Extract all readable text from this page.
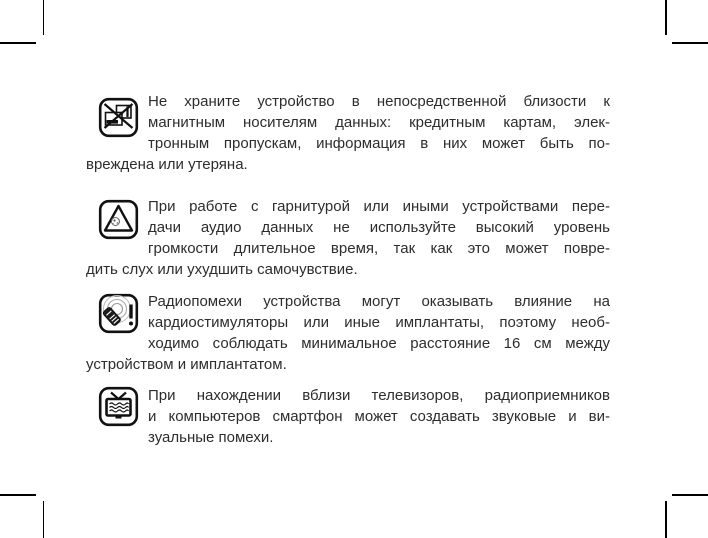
Не храните устройство в непосредственной близости к
магнитным носителям данных: кредитным картам, элек-
тронным пропускам, информация в них может быть по-
вреждена или утеряна.
При работе с гарнитурой или иными устройствами пере-
дачи аудио данных не используйте высокий уровень
громкости длительное время, так как это может повре-
дить слух или ухудшить самочувствие.
Радиопомехи устройства могут оказывать влияние на
кардиостимуляторы или иные имплантаты, поэтому необ-
ходимо соблюдать минимальное расстояние 16 см между
устройством и имплантатом.
При нахождении вблизи телевизоров, радиоприемников
и компьютеров смартфон может создавать звуковые и ви-
зуальные помехи.
